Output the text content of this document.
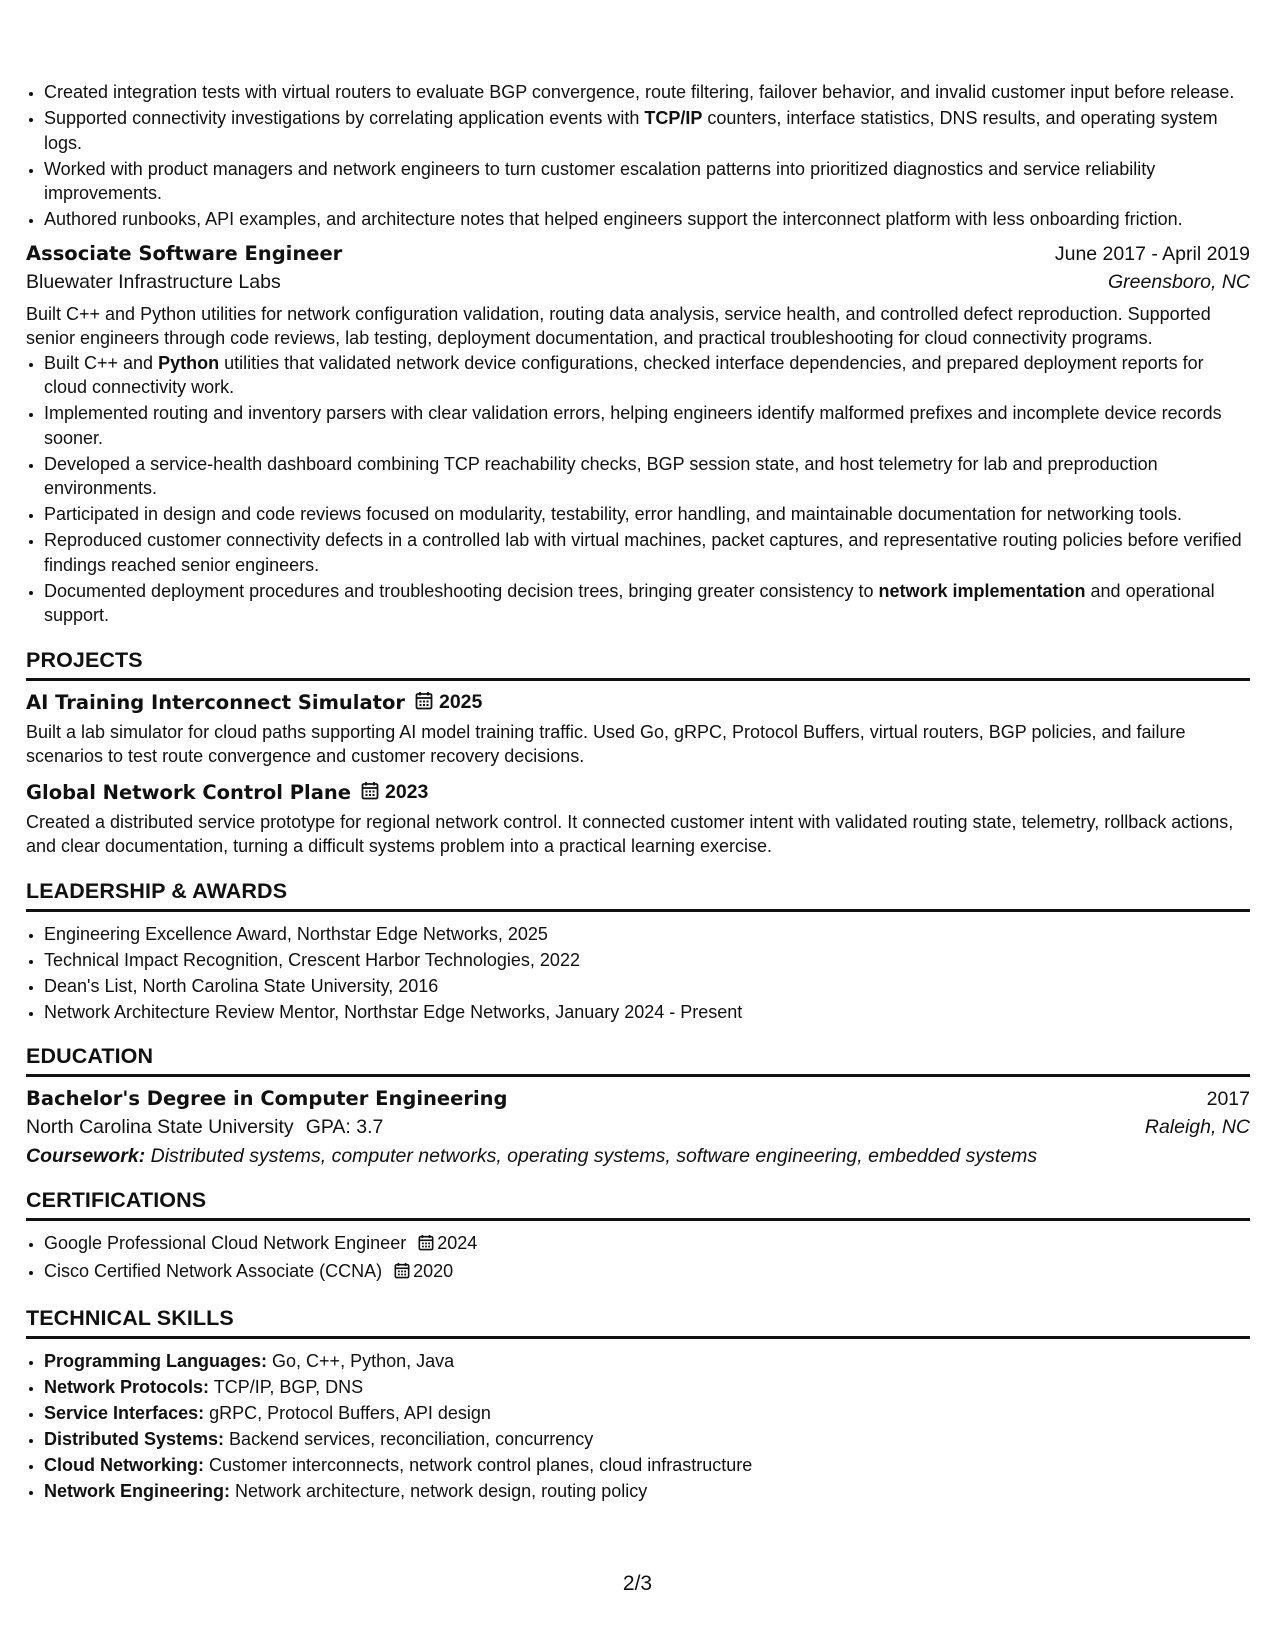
• Created integration tests with virtual routers to evaluate BGP convergence, route filtering, failover behavior, and invalid customer input before release.
• Supported connectivity investigations by correlating application events with TCP/IP counters, interface statistics, DNS results, and operating system logs.
• Worked with product managers and network engineers to turn customer escalation patterns into prioritized diagnostics and service reliability improvements.
• Authored runbooks, API examples, and architecture notes that helped engineers support the interconnect platform with less onboarding friction.
Associate Software Engineer	June 2017 - April 2019
Bluewater Infrastructure Labs	Greensboro, NC
Built C++ and Python utilities for network configuration validation, routing data analysis, service health, and controlled defect reproduction. Supported senior engineers through code reviews, lab testing, deployment documentation, and practical troubleshooting for cloud connectivity programs.
• Built C++ and Python utilities that validated network device configurations, checked interface dependencies, and prepared deployment reports for cloud connectivity work.
• Implemented routing and inventory parsers with clear validation errors, helping engineers identify malformed prefixes and incomplete device records sooner.
• Developed a service-health dashboard combining TCP reachability checks, BGP session state, and host telemetry for lab and preproduction environments.
• Participated in design and code reviews focused on modularity, testability, error handling, and maintainable documentation for networking tools.
• Reproduced customer connectivity defects in a controlled lab with virtual machines, packet captures, and representative routing policies before verified findings reached senior engineers.
• Documented deployment procedures and troubleshooting decision trees, bringing greater consistency to network implementation and operational support.
PROJECTS
AI Training Interconnect Simulator 2025
Built a lab simulator for cloud paths supporting AI model training traffic. Used Go, gRPC, Protocol Buffers, virtual routers, BGP policies, and failure scenarios to test route convergence and customer recovery decisions.
Global Network Control Plane 2023
Created a distributed service prototype for regional network control. It connected customer intent with validated routing state, telemetry, rollback actions, and clear documentation, turning a difficult systems problem into a practical learning exercise.
LEADERSHIP & AWARDS
• Engineering Excellence Award, Northstar Edge Networks, 2025
• Technical Impact Recognition, Crescent Harbor Technologies, 2022
• Dean's List, North Carolina State University, 2016
• Network Architecture Review Mentor, Northstar Edge Networks, January 2024 - Present
EDUCATION
Bachelor's Degree in Computer Engineering	2017
North Carolina State University GPA: 3.7	Raleigh, NC
Coursework: Distributed systems, computer networks, operating systems, software engineering, embedded systems
CERTIFICATIONS
• Google Professional Cloud Network Engineer 2024
• Cisco Certified Network Associate (CCNA) 2020
TECHNICAL SKILLS
• Programming Languages: Go, C++, Python, Java
• Network Protocols: TCP/IP, BGP, DNS
• Service Interfaces: gRPC, Protocol Buffers, API design
• Distributed Systems: Backend services, reconciliation, concurrency
• Cloud Networking: Customer interconnects, network control planes, cloud infrastructure
• Network Engineering: Network architecture, network design, routing policy
2/3
